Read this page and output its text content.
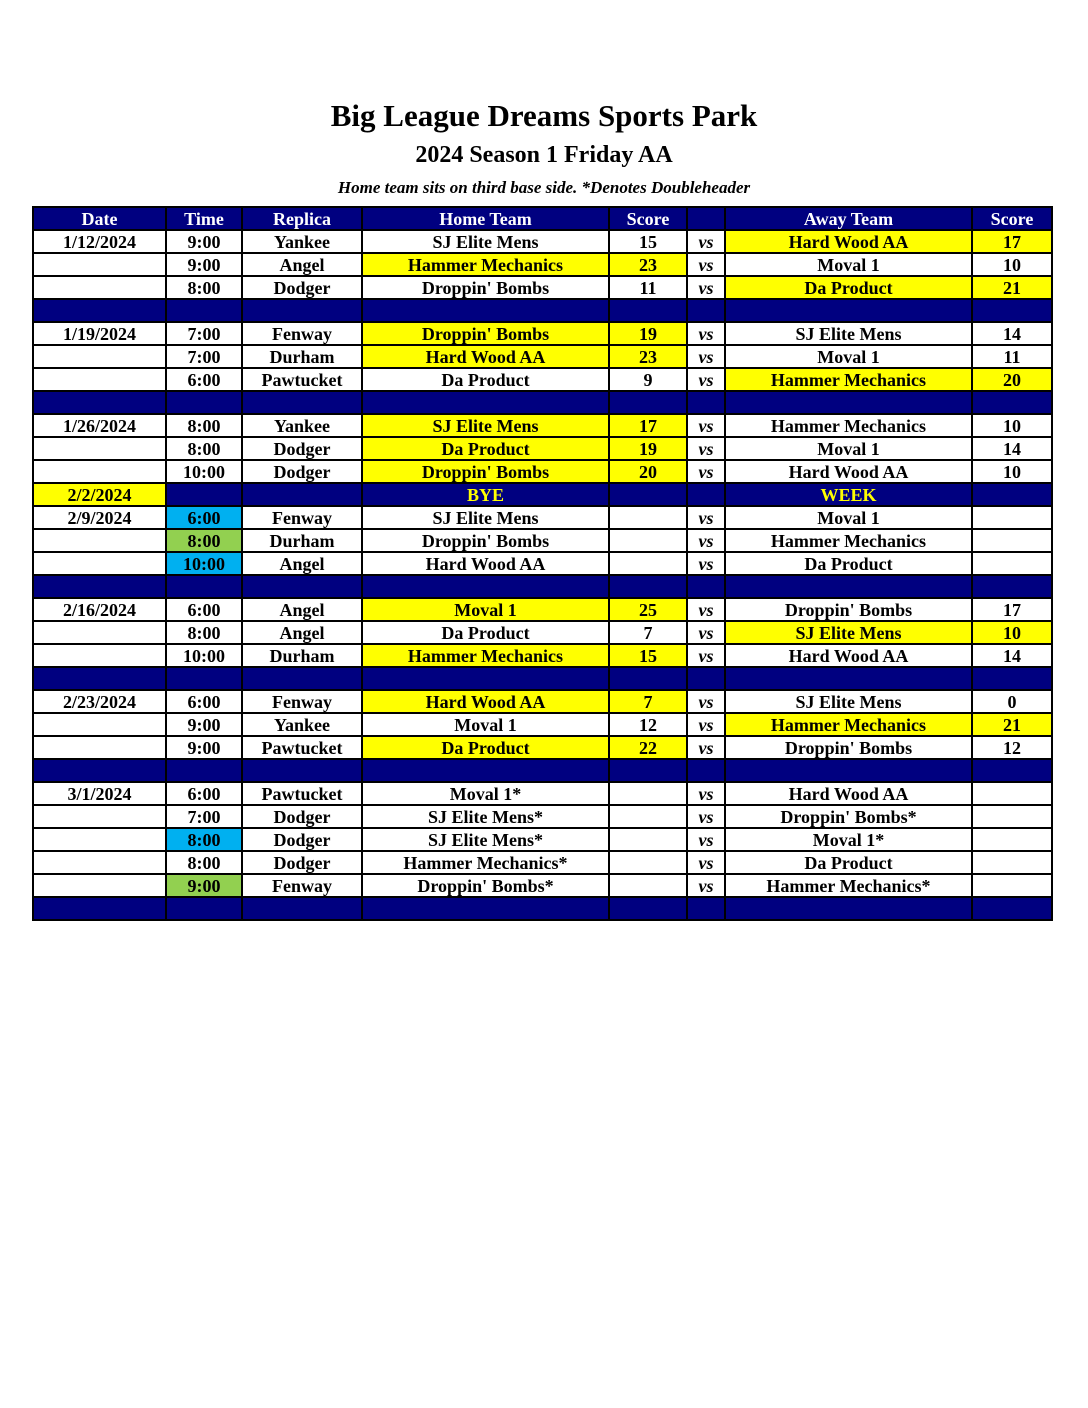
Big League Dreams Sports Park
2024 Season 1 Friday AA
Home team sits on third base side. *Denotes Doubleheader
Date	Time	Replica	Home Team	Score		Away Team	Score
1/12/2024	9:00	Yankee	SJ Elite Mens	15	vs	Hard Wood AA	17
	9:00	Angel	Hammer Mechanics	23	vs	Moval 1	10
	8:00	Dodger	Droppin' Bombs	11	vs	Da Product	21

1/19/2024	7:00	Fenway	Droppin' Bombs	19	vs	SJ Elite Mens	14
	7:00	Durham	Hard Wood AA	23	vs	Moval 1	11
	6:00	Pawtucket	Da Product	9	vs	Hammer Mechanics	20

1/26/2024	8:00	Yankee	SJ Elite Mens	17	vs	Hammer Mechanics	10
	8:00	Dodger	Da Product	19	vs	Moval 1	14
	10:00	Dodger	Droppin' Bombs	20	vs	Hard Wood AA	10
2/2/2024			BYE			WEEK	
2/9/2024	6:00	Fenway	SJ Elite Mens		vs	Moval 1	
	8:00	Durham	Droppin' Bombs		vs	Hammer Mechanics	
	10:00	Angel	Hard Wood AA		vs	Da Product	

2/16/2024	6:00	Angel	Moval 1	25	vs	Droppin' Bombs	17
	8:00	Angel	Da Product	7	vs	SJ Elite Mens	10
	10:00	Durham	Hammer Mechanics	15	vs	Hard Wood AA	14

2/23/2024	6:00	Fenway	Hard Wood AA	7	vs	SJ Elite Mens	0
	9:00	Yankee	Moval 1	12	vs	Hammer Mechanics	21
	9:00	Pawtucket	Da Product	22	vs	Droppin' Bombs	12

3/1/2024	6:00	Pawtucket	Moval 1*		vs	Hard Wood AA	
	7:00	Dodger	SJ Elite Mens*		vs	Droppin' Bombs*	
	8:00	Dodger	SJ Elite Mens*		vs	Moval 1*	
	8:00	Dodger	Hammer Mechanics*		vs	Da Product	
	9:00	Fenway	Droppin' Bombs*		vs	Hammer Mechanics*	
